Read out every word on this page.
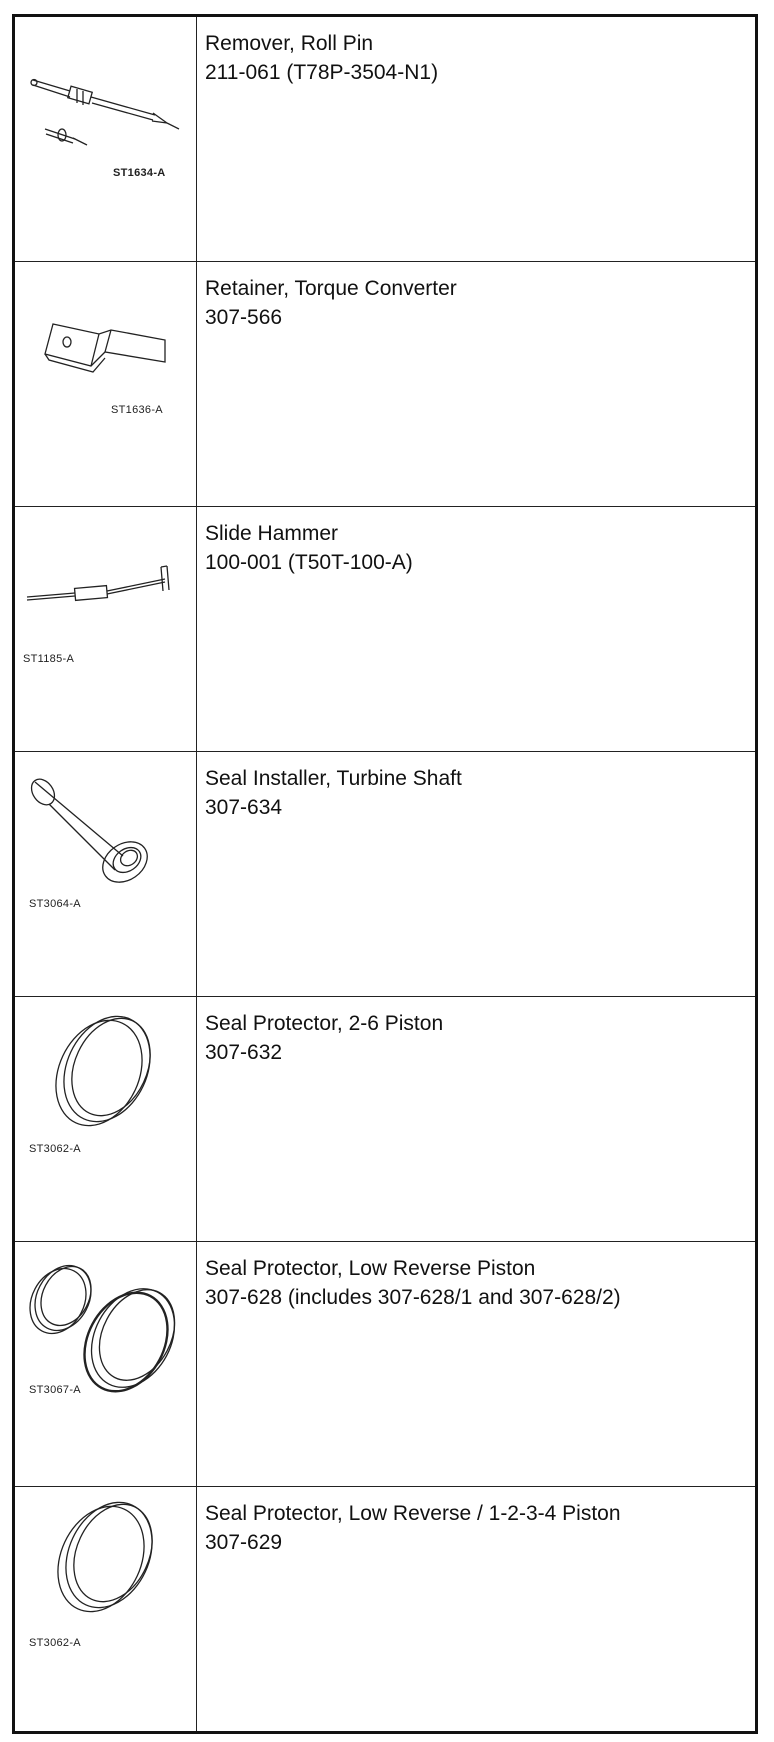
ST1634-A
Remover, Roll Pin
211-061 (T78P-3504-N1)
ST1636-A
Retainer, Torque Converter
307-566
ST1185-A
Slide Hammer
100-001 (T50T-100-A)
ST3064-A
Seal Installer, Turbine Shaft
307-634
ST3062-A
Seal Protector, 2-6 Piston
307-632
ST3067-A
Seal Protector, Low Reverse Piston
307-628 (includes 307-628/1 and 307-628/2)
ST3062-A
Seal Protector, Low Reverse / 1-2-3-4 Piston
307-629
